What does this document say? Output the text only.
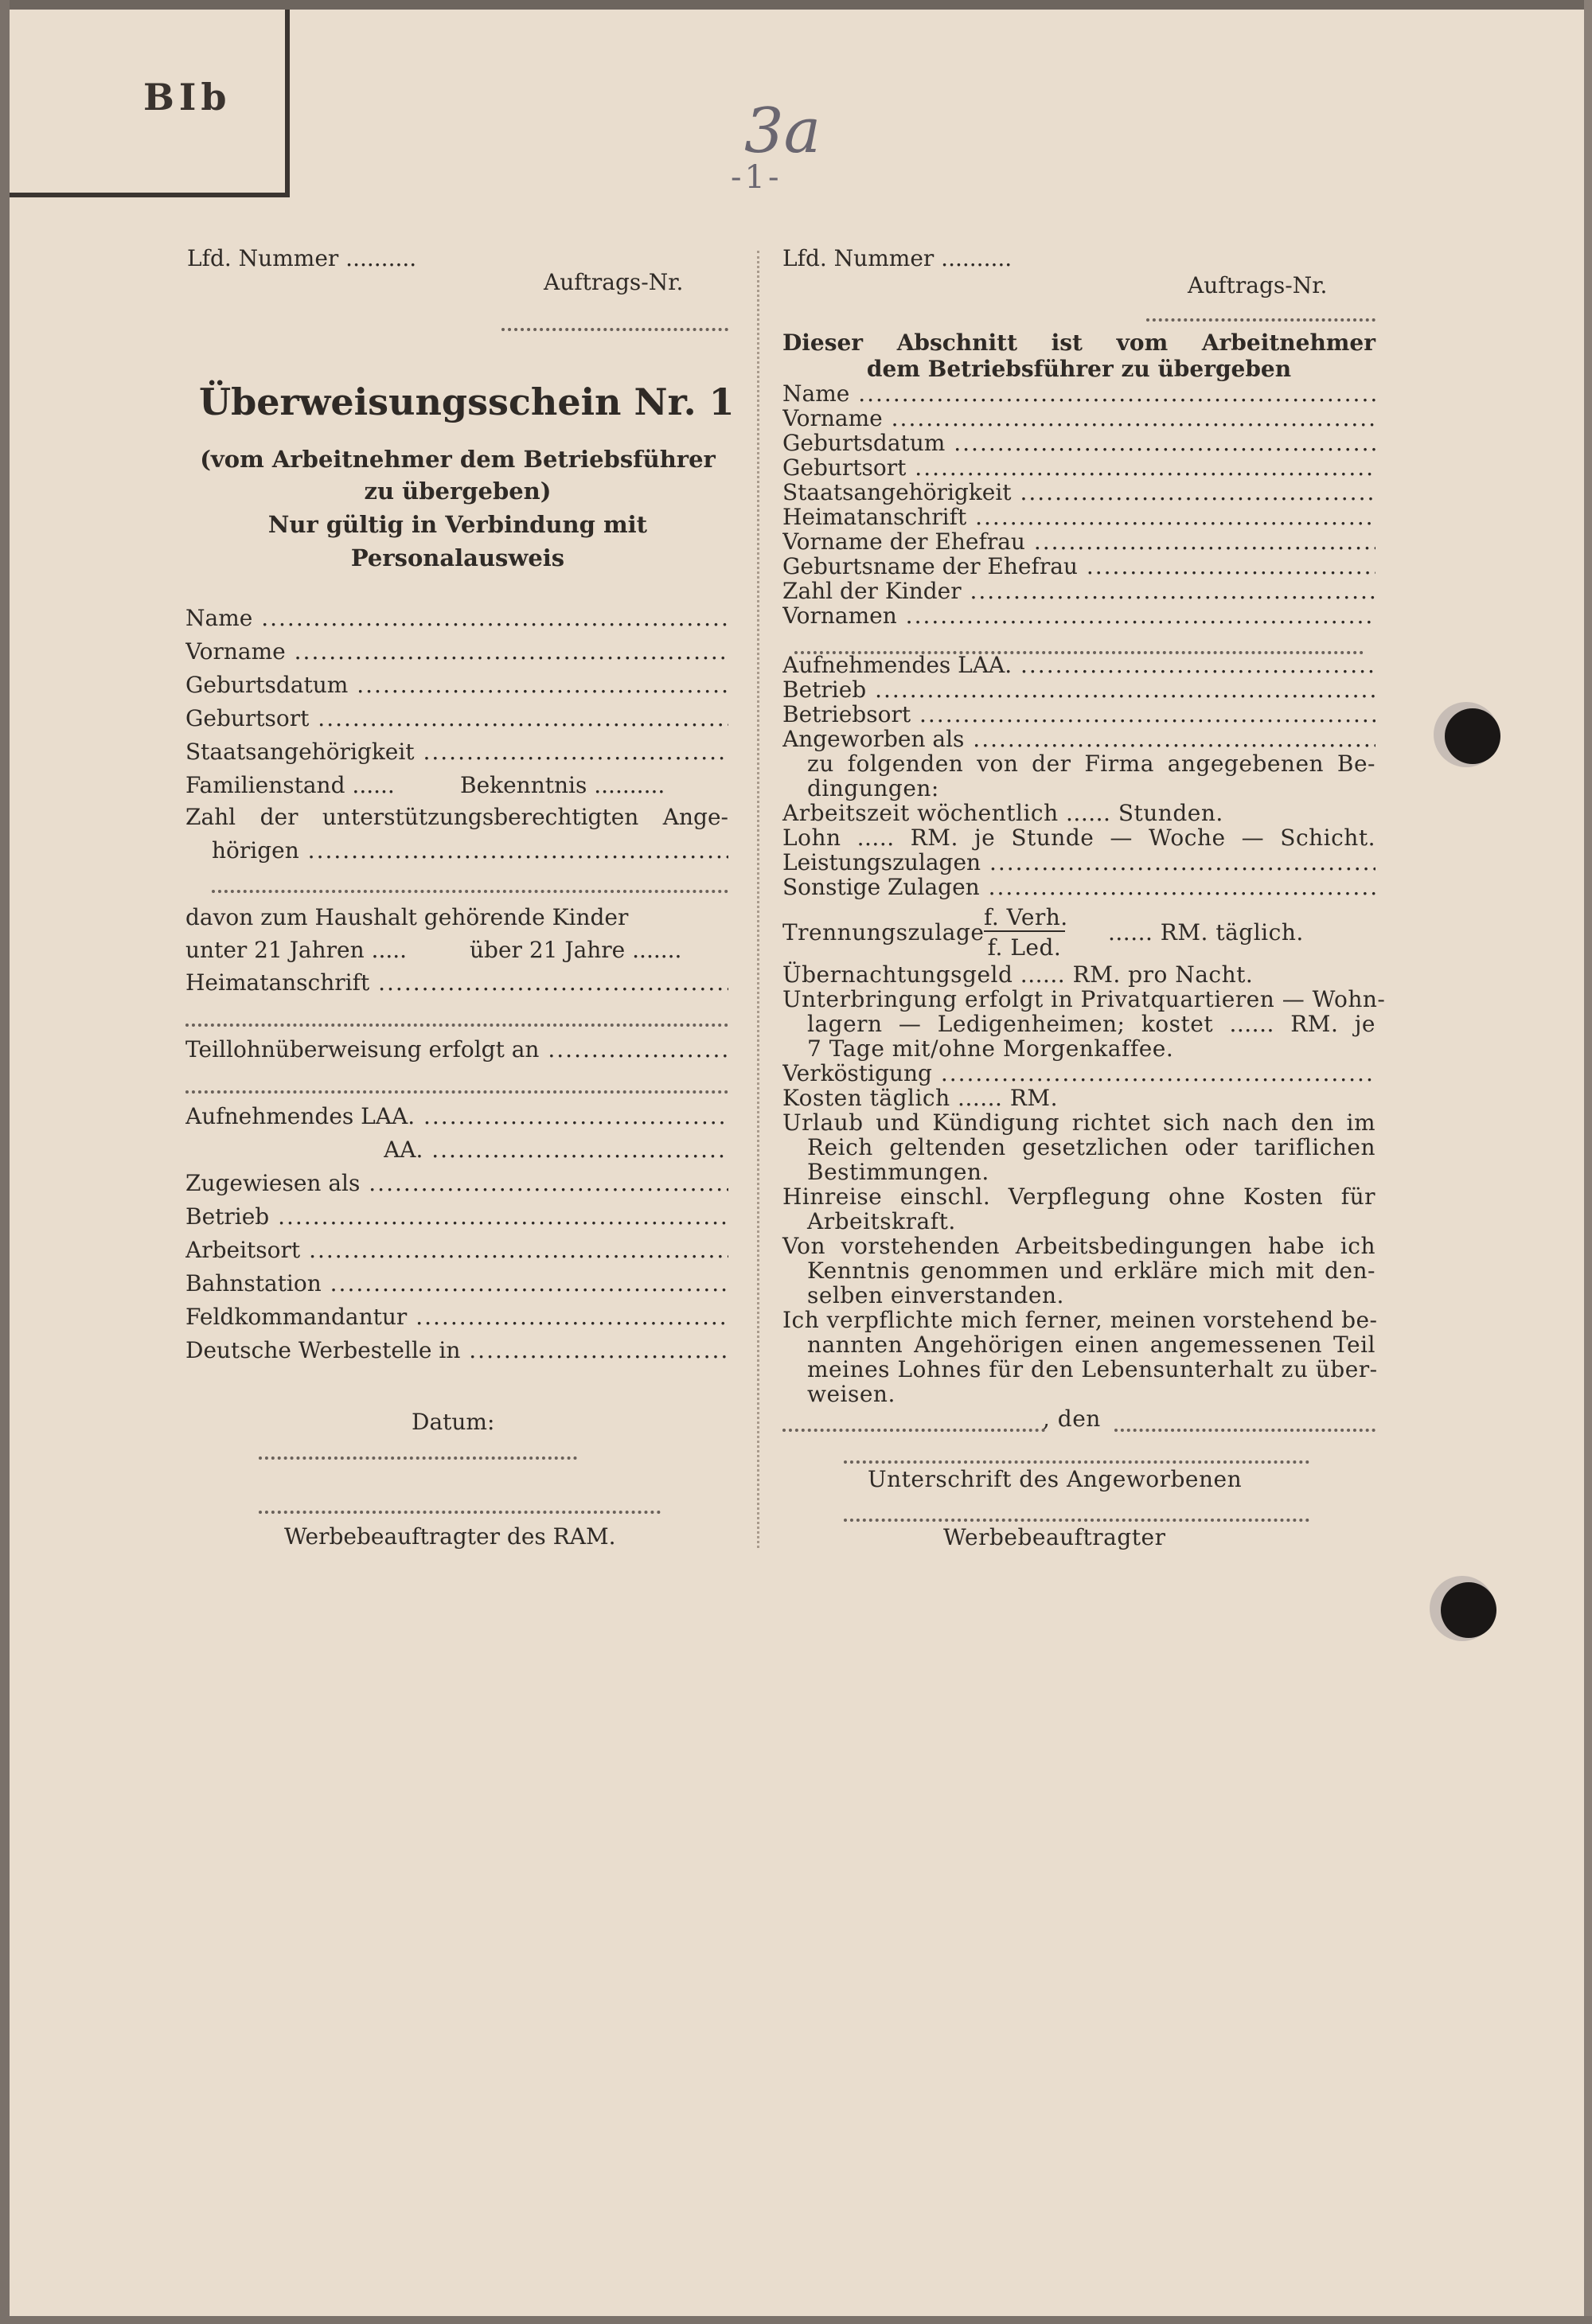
BIb	3a
-1-
Lfd. Nummer ..........
Auftrags-Nr.
Überweisungsschein Nr. 1
(vom Arbeitnehmer dem Betriebsführer
zu übergeben)
Nur gültig in Verbindung mit
Personalausweis
Name .....
Vorname .....
Geburtsdatum .....
Geburtsort .....
Staatsangehörigkeit .....
Familienstand ......	Bekenntnis ..........
Zahl der unterstützungsberechtigten Ange-
hörigen .....
davon zum Haushalt gehörende Kinder
unter 21 Jahren .....	über 21 Jahre .......
Heimatanschrift .....
Teillohnüberweisung erfolgt an .....
Aufnehmendes LAA. .....
AA. .....
Zugewiesen als .....
Betrieb .....
Arbeitsort .....
Bahnstation .....
Feldkommandantur .....
Deutsche Werbestelle in .....
Datum:
Werbebeauftragter des RAM.
Lfd. Nummer ..........
Auftrags-Nr.
Dieser Abschnitt ist vom Arbeitnehmer
dem Betriebsführer zu übergeben
Name .....
Vorname .....
Geburtsdatum .....
Geburtsort .....
Staatsangehörigkeit .....
Heimatanschrift .....
Vorname der Ehefrau .....
Geburtsname der Ehefrau .....
Zahl der Kinder .....
Vornamen .....
Aufnehmendes LAA. .....
Betrieb .....
Betriebsort .....
Angeworben als .....
zu folgenden von der Firma angegebenen Be-
dingungen:
Arbeitszeit wöchentlich ...... Stunden.
Lohn ..... RM. je Stunde — Woche — Schicht.
Leistungszulagen .....
Sonstige Zulagen .....
Trennungszulage
f. Verh.
f. Led.
...... RM. täglich.
Übernachtungsgeld ...... RM. pro Nacht.
Unterbringung erfolgt in Privatquartieren — Wohn-
lagern — Ledigenheimen; kostet ...... RM. je
7 Tage mit/ohne Morgenkaffee.
Verköstigung .....
Kosten täglich ...... RM.
Urlaub und Kündigung richtet sich nach den im
Reich geltenden gesetzlichen oder tariflichen
Bestimmungen.
Hinreise einschl. Verpflegung ohne Kosten für
Arbeitskraft.
Von vorstehenden Arbeitsbedingungen habe ich
Kenntnis genommen und erkläre mich mit den-
selben einverstanden.
Ich verpflichte mich ferner, meinen vorstehend be-
nannten Angehörigen einen angemessenen Teil
meines Lohnes für den Lebensunterhalt zu über-
weisen.
, den
Unterschrift des Angeworbenen
Werbebeauftragter
